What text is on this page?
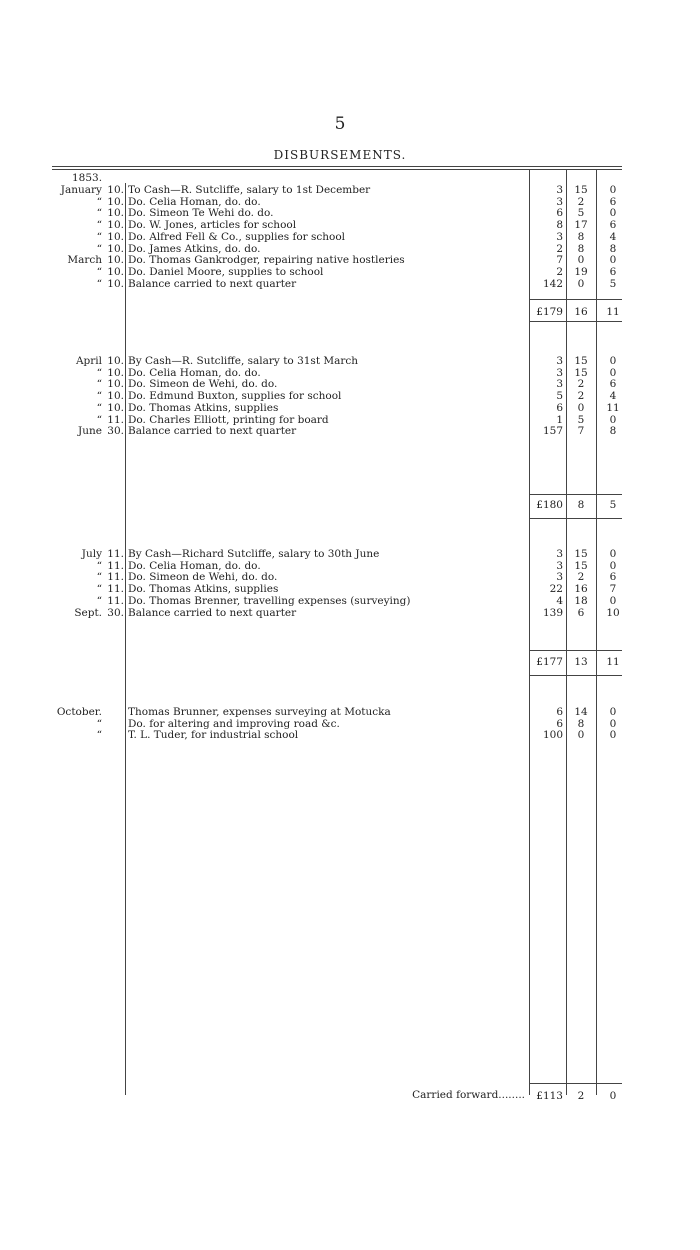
5
DISBURSEMENTS.
1853.
January 10. To Cash—R. Sutcliffe, salary to 1st December .....	3	15	0
“ 10. Do. Celia Homan, do. do. .....	3	2	6
“ 10. Do. Simeon Te Wehi do. do. .....	6	5	0
“ 10. Do. W. Jones, articles for school .....	8	17	6
“ 10. Do. Alfred Fell & Co., supplies for school .....	3	8	4
“ 10. Do. James Atkins, do. do. .....	2	8	8
March 10. Do. Thomas Gankrodger, repairing native hostleries .....	7	0	0
“ 10. Do. Daniel Moore, supplies to school .....	2	19	6
“ 10. Balance carried to next quarter .....	142	0	5
£179	16	11
April 10. By Cash—R. Sutcliffe, salary to 31st March .....	3	15	0
“ 10. Do. Celia Homan, do. do. .....	3	15	0
“ 10. Do. Simeon de Wehi, do. do. .....	3	2	6
“ 10. Do. Edmund Buxton, supplies for school .....	5	2	4
“ 10. Do. Thomas Atkins, supplies .....	6	0	11
“ 11. Do. Charles Elliott, printing for board .....	1	5	0
June 30. Balance carried to next quarter .....	157	7	8
£180	8	5
July 11. By Cash—Richard Sutcliffe, salary to 30th June .....	3	15	0
“ 11. Do. Celia Homan, do. do. .....	3	15	0
“ 11. Do. Simeon de Wehi, do. do. .....	3	2	6
“ 11. Do. Thomas Atkins, supplies .....	22	16	7
“ 11. Do. Thomas Brenner, travelling expenses (surveying) .....	4	18	0
Sept. 30. Balance carried to next quarter .....	139	6	10
£177	13	11
October. Thomas Brunner, expenses surveying at Motucka .....	6	14	0
“ Do. for altering and improving road &c. .....	6	8	0
“ T. L. Tuder, for industrial school .....	100	0	0
Carried forward........	£113	2	0
